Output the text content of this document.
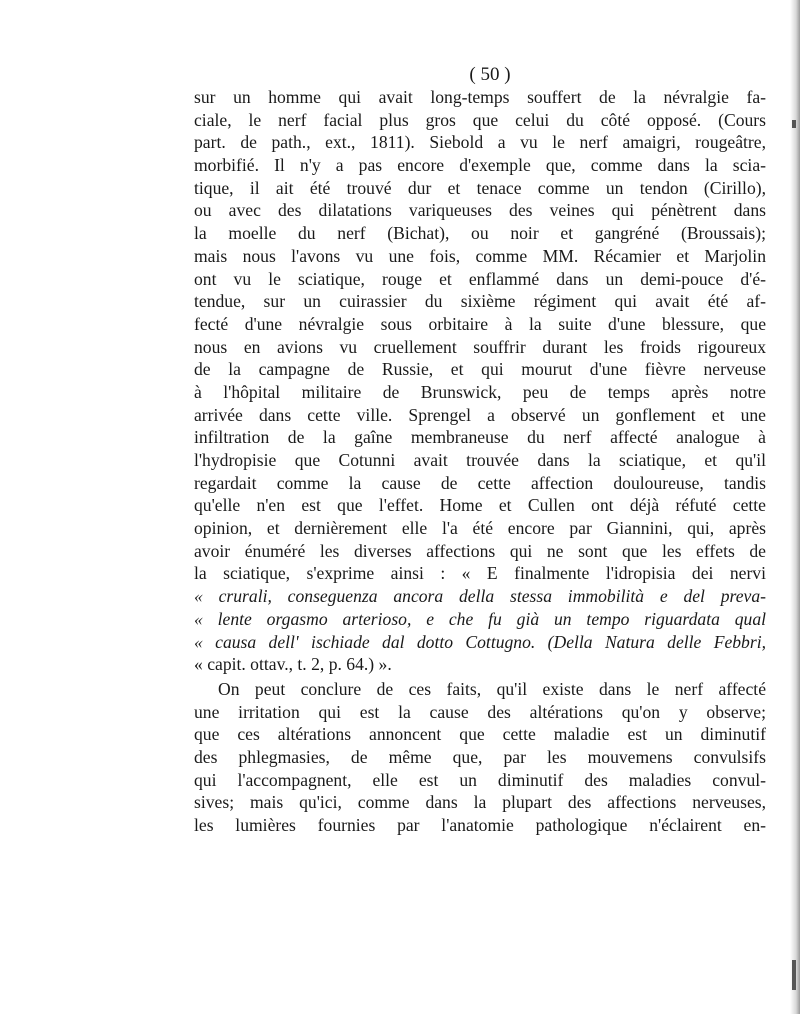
( 50 )
sur un homme qui avait long-temps souffert de la névralgie fa-
ciale, le nerf facial plus gros que celui du côté opposé. (Cours
part. de path., ext., 1811). Siebold a vu le nerf amaigri, rougeâtre,
morbifié. Il n'y a pas encore d'exemple que, comme dans la scia-
tique, il ait été trouvé dur et tenace comme un tendon (Cirillo),
ou avec des dilatations variqueuses des veines qui pénètrent dans
la moelle du nerf (Bichat), ou noir et gangréné (Broussais);
mais nous l'avons vu une fois, comme MM. Récamier et Marjolin
ont vu le sciatique, rouge et enflammé dans un demi-pouce d'é-
tendue, sur un cuirassier du sixième régiment qui avait été af-
fecté d'une névralgie sous orbitaire à la suite d'une blessure, que
nous en avions vu cruellement souffrir durant les froids rigoureux
de la campagne de Russie, et qui mourut d'une fièvre nerveuse
à l'hôpital militaire de Brunswick, peu de temps après notre
arrivée dans cette ville. Sprengel a observé un gonflement et une
infiltration de la gaîne membraneuse du nerf affecté analogue à
l'hydropisie que Cotunni avait trouvée dans la sciatique, et qu'il
regardait comme la cause de cette affection douloureuse, tandis
qu'elle n'en est que l'effet. Home et Cullen ont déjà réfuté cette
opinion, et dernièrement elle l'a été encore par Giannini, qui, après
avoir énuméré les diverses affections qui ne sont que les effets de
la sciatique, s'exprime ainsi : « E finalmente l'idropisia dei nervi
« crurali, conseguenza ancora della stessa immobilità e del preva-
« lente orgasmo arterioso, e che fu già un tempo riguardata qual
« causa dell' ischiade dal dotto Cottugno. (Della Natura delle Febbri,
« capit. ottav., t. 2, p. 64.) ».
On peut conclure de ces faits, qu'il existe dans le nerf affecté
une irritation qui est la cause des altérations qu'on y observe;
que ces altérations annoncent que cette maladie est un diminutif
des phlegmasies, de même que, par les mouvemens convulsifs
qui l'accompagnent, elle est un diminutif des maladies convul-
sives; mais qu'ici, comme dans la plupart des affections nerveuses,
les lumières fournies par l'anatomie pathologique n'éclairent en-
